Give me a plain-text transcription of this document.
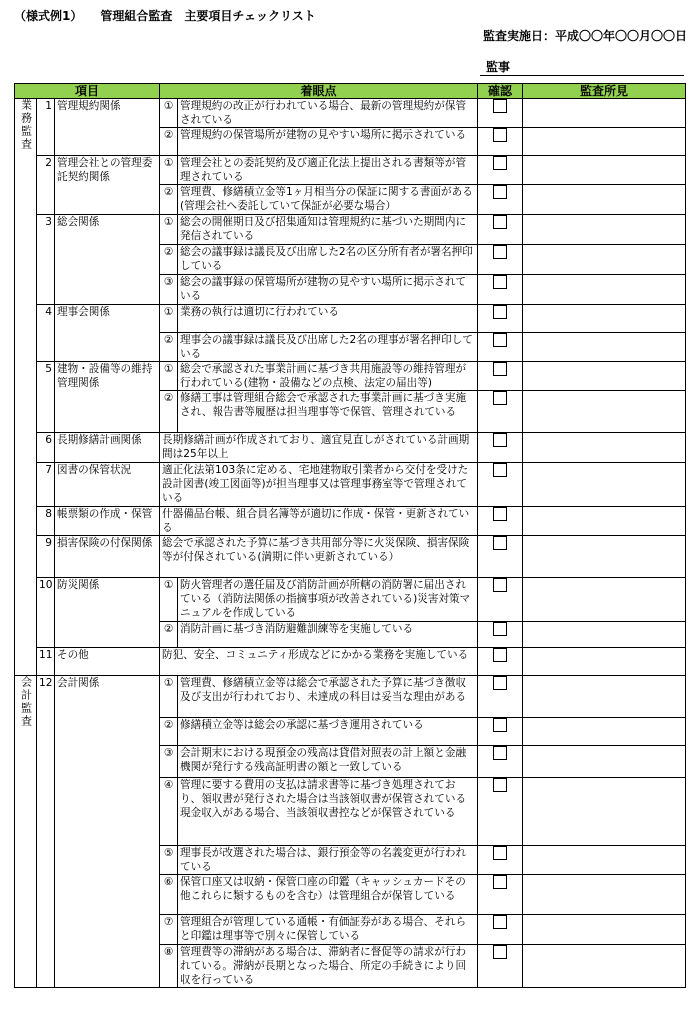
（様式例1）　　管理組合監査　主要項目チェックリスト
監査実施日：平成〇〇年〇〇月〇〇日
監事
項目			着眼点		確認	監査所見
業務監査	1	管理規約関係	①	管理規約の改正が行われている場合、最新の管理規約が保管されている		
			②	管理規約の保管場所が建物の見やすい場所に掲示されている		
	2	管理会社との管理委託契約関係	①	管理会社との委託契約及び適正化法上提出される書類等が管理されている		
			②	管理費、修繕積立金等1ヶ月相当分の保証に関する書面がある(管理会社へ委託していて保証が必要な場合）		
	3	総会関係	①	総会の開催期日及び招集通知は管理規約に基づいた期間内に発信されている		
			②	総会の議事録は議長及び出席した2名の区分所有者が署名押印している		
			③	総会の議事録の保管場所が建物の見やすい場所に掲示されている		
	4	理事会関係	①	業務の執行は適切に行われている		
			②	理事会の議事録は議長及び出席した2名の理事が署名押印している		
	5	建物・設備等の維持管理関係	①	総会で承認された事業計画に基づき共用施設等の維持管理が行われている(建物・設備などの点検、法定の届出等)		
			②	修繕工事は管理組合総会で承認された事業計画に基づき実施され、報告書等履歴は担当理事等で保管、管理されている		
	6	長期修繕計画関係	長期修繕計画が作成されており、適宜見直しがされている計画期間は25年以上			
	7	図書の保管状況	適正化法第103条に定める、宅地建物取引業者から交付を受けた設計図書(竣工図面等)が担当理事又は管理事務室等で管理されている			
	8	帳票類の作成・保管	什器備品台帳、組合員名簿等が適切に作成・保管・更新されている			
	9	損害保険の付保関係	総会で承認された予算に基づき共用部分等に火災保険、損害保険等が付保されている(満期に伴い更新されている）			
	10	防災関係	①	防火管理者の選任届及び消防計画が所轄の消防署に届出されている（消防法関係の指摘事項が改善されている)災害対策マニュアルを作成している		
			②	消防計画に基づき消防避難訓練等を実施している		
	11	その他	防犯、安全、コミュニティ形成などにかかる業務を実施している			
会計監査	12	会計関係	①	管理費、修繕積立金等は総会で承認された予算に基づき徴収及び支出が行われており、未達成の科目は妥当な理由がある		
			②	修繕積立金等は総会の承認に基づき運用されている		
			③	会計期末における現預金の残高は貸借対照表の計上額と金融機関が発行する残高証明書の額と一致している		
			④	管理に要する費用の支払は請求書等に基づき処理されており、領収書が発行された場合は当該領収書が保管されている現金収入がある場合、当該領収書控などが保管されている		
			⑤	理事長が改選された場合は、銀行預金等の名義変更が行われている		
			⑥	保管口座又は収納・保管口座の印鑑（キャッシュカードその他これらに類するものを含む）は管理組合が保管している		
			⑦	管理組合が管理している通帳・有価証券がある場合、それらと印鑑は理事等で別々に保管している		
			⑧	管理費等の滞納がある場合は、滞納者に督促等の請求が行われている。滞納が長期となった場合、所定の手続きにより回収を行っている		
